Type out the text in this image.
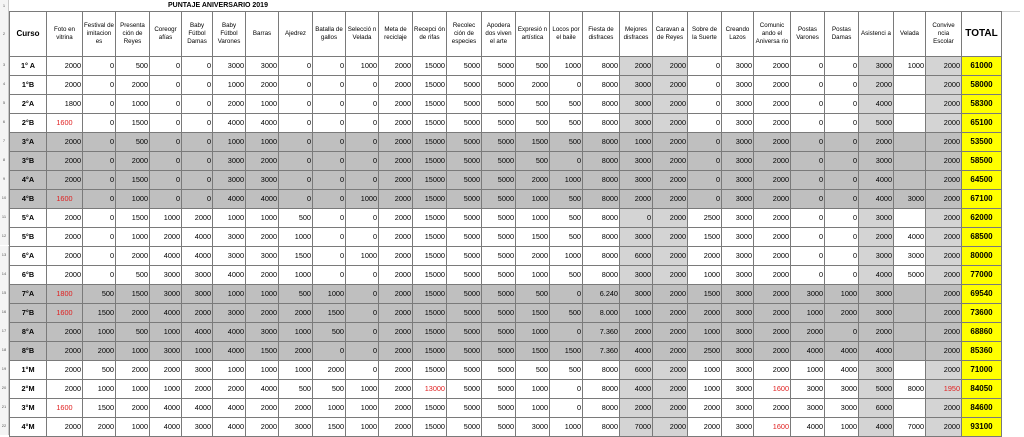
PUNTAJE ANIVERSARIO 2019
1
2
3
4
5
6
7
8
9
10
11
12
13
14
15
16
17
18
19
20
21
22
Curso	Foto en vitrina	Festival de imitacion es	Presenta ción de Reyes	Coreogr afías	Baby Fútbol Damas	Baby Fútbol Varones	Barras	Ajedrez	Batalla de gallos	Selecció n Velada	Meta de reciclaje	Recepci ón de rifas	Recolec ción de especies	Apodera dos viven el arte	Expresió n artística	Locos por el baile	Fiesta de disfraces	Mejores disfraces	Caravan a de Reyes	Sobre de la Suerte	Creando Lazos	Comunic ando el Aniversa rio	Postas Varones	Postas Damas	Asistenci a	Velada	Convive ncia Escolar	TOTAL
1° A	2000	0	500	0	0	3000	3000	0	0	1000	2000	15000	5000	5000	500	1000	8000	2000	2000	0	3000	2000	0	0	3000	1000	2000	61000
1°B	2000	0	2000	0	0	1000	2000	0	0	0	2000	15000	5000	5000	2000	0	8000	3000	2000	0	3000	2000	0	0	2000		2000	58000
2°A	1800	0	1000	0	0	2000	1000	0	0	0	2000	15000	5000	5000	500	500	8000	3000	2000	0	3000	2000	0	0	4000		2000	58300
2°B	1600	0	1500	0	0	4000	4000	0	0	0	2000	15000	5000	5000	500	500	8000	3000	2000	0	3000	2000	0	0	5000		2000	65100
3°A	2000	0	500	0	0	1000	1000	0	0	0	2000	15000	5000	5000	1500	500	8000	1000	2000	0	3000	2000	0	0	2000		2000	53500
3°B	2000	0	2000	0	0	3000	2000	0	0	0	2000	15000	5000	5000	500	0	8000	3000	2000	0	3000	2000	0	0	3000		2000	58500
4°A	2000	0	1500	0	0	3000	3000	0	0	0	2000	15000	5000	5000	2000	1000	8000	3000	2000	0	3000	2000	0	0	4000		2000	64500
4°B	1600	0	1000	0	0	4000	4000	0	0	1000	2000	15000	5000	5000	1000	500	8000	2000	2000	0	3000	2000	0	0	4000	3000	2000	67100
5°A	2000	0	1500	1000	2000	1000	1000	500	0	0	2000	15000	5000	5000	1000	500	8000	0	2000	2500	3000	2000	0	0	3000		2000	62000
5°B	2000	0	1000	2000	4000	3000	2000	1000	0	0	2000	15000	5000	5000	1500	500	8000	3000	2000	1500	3000	2000	0	0	2000	4000	2000	68500
6°A	2000	0	2000	4000	4000	3000	3000	1500	0	1000	2000	15000	5000	5000	2000	1000	8000	6000	2000	2000	3000	2000	0	0	3000	3000	2000	80000
6°B	2000	0	500	3000	3000	4000	2000	1000	0	0	2000	15000	5000	5000	1000	500	8000	3000	2000	1000	3000	2000	0	0	4000	5000	2000	77000
7°A	1800	500	1500	3000	3000	1000	1000	500	1000	0	2000	15000	5000	5000	500	0	6.240	3000	2000	1500	3000	2000	3000	1000	3000		2000	69540
7°B	1600	1500	2000	4000	2000	3000	2000	2000	1500	0	2000	15000	5000	5000	1500	500	8.000	1000	2000	2000	3000	2000	1000	2000	3000		2000	73600
8°A	2000	1000	500	1000	4000	4000	3000	1000	500	0	2000	15000	5000	5000	1000	0	7.360	2000	2000	1000	3000	2000	2000	0	2000		2000	68860
8°B	2000	2000	1000	3000	1000	4000	1500	2000	0	0	2000	15000	5000	5000	1500	1500	7.360	4000	2000	2500	3000	2000	4000	4000	4000		2000	85360
1°M	2000	500	2000	2000	3000	1000	1000	1000	2000	0	2000	15000	5000	5000	500	500	8000	6000	2000	1000	3000	2000	1000	4000	3000		2000	71000
2°M	2000	1000	1000	1000	2000	2000	4000	500	500	1000	2000	13000	5000	5000	1000	0	8000	4000	2000	1000	3000	1600	3000	3000	5000	8000	1950	84050
3°M	1600	1500	2000	4000	4000	4000	2000	2000	1000	1000	2000	15000	5000	5000	1000	0	8000	2000	2000	2000	3000	2000	3000	3000	6000		2000	84600
4°M	2000	2000	1000	4000	3000	4000	2000	3000	1500	1000	2000	15000	5000	5000	3000	1000	8000	7000	2000	2000	3000	1600	4000	1000	4000	7000	2000	93100
